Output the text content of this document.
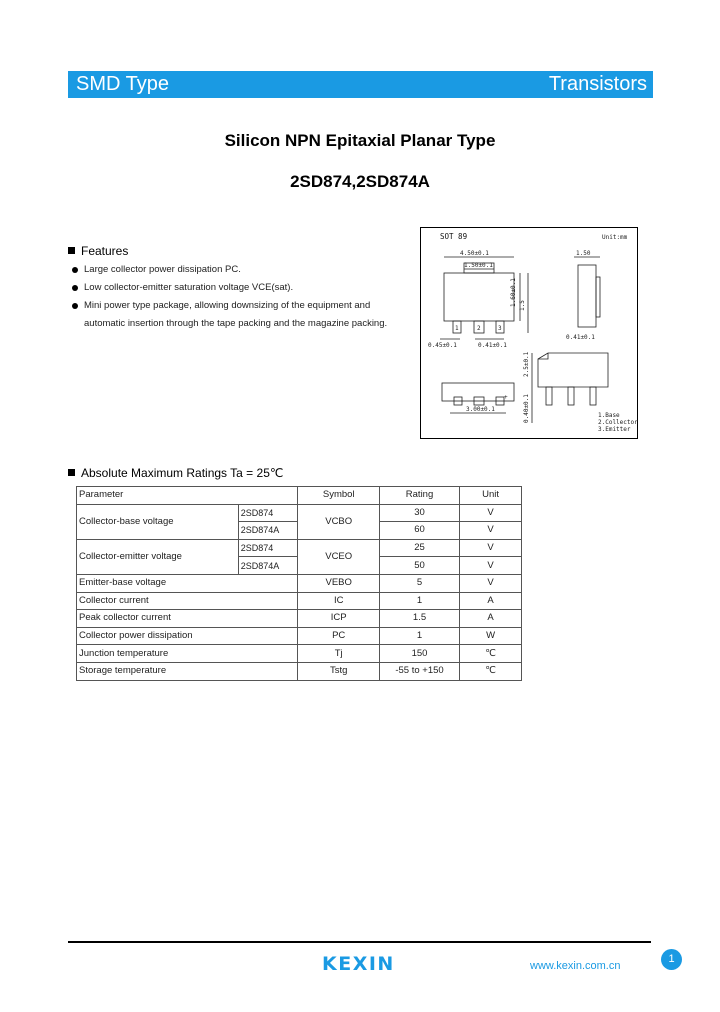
SMD Type	Transistors
Silicon NPN Epitaxial Planar Type
2SD874,2SD874A
Features
Large collector power dissipation PC.
Low collector-emitter saturation voltage VCE(sat).
Mini power type package, allowing downsizing of the equipment and
automatic insertion through the tape packing and the magazine packing.
SOT 89	Unit:mm
4.50±0.1
1.50±0.1
1.60±0.1
0.45±0.1	0.41±0.1
1.5
1	2	3
1.50
0.41±0.1
3.00±0.1
+
2.5±0.1
0.40±0.1	1.Base
2.Collector
3.Emitter
Absolute Maximum Ratings Ta = 25℃
Parameter		Symbol	Rating	Unit
Collector-base voltage	2SD874	VCBO	30	V
	2SD874A		60	V
Collector-emitter voltage	2SD874	VCEO	25	V
	2SD874A		50	V
Emitter-base voltage		VEBO	5	V
Collector current		IC	1	A
Peak collector current		ICP	1.5	A
Collector power dissipation		PC	1	W
Junction temperature		Tj	150	℃
Storage temperature		Tstg	-55 to +150	℃
KEXIN	www.kexin.com.cn
1
